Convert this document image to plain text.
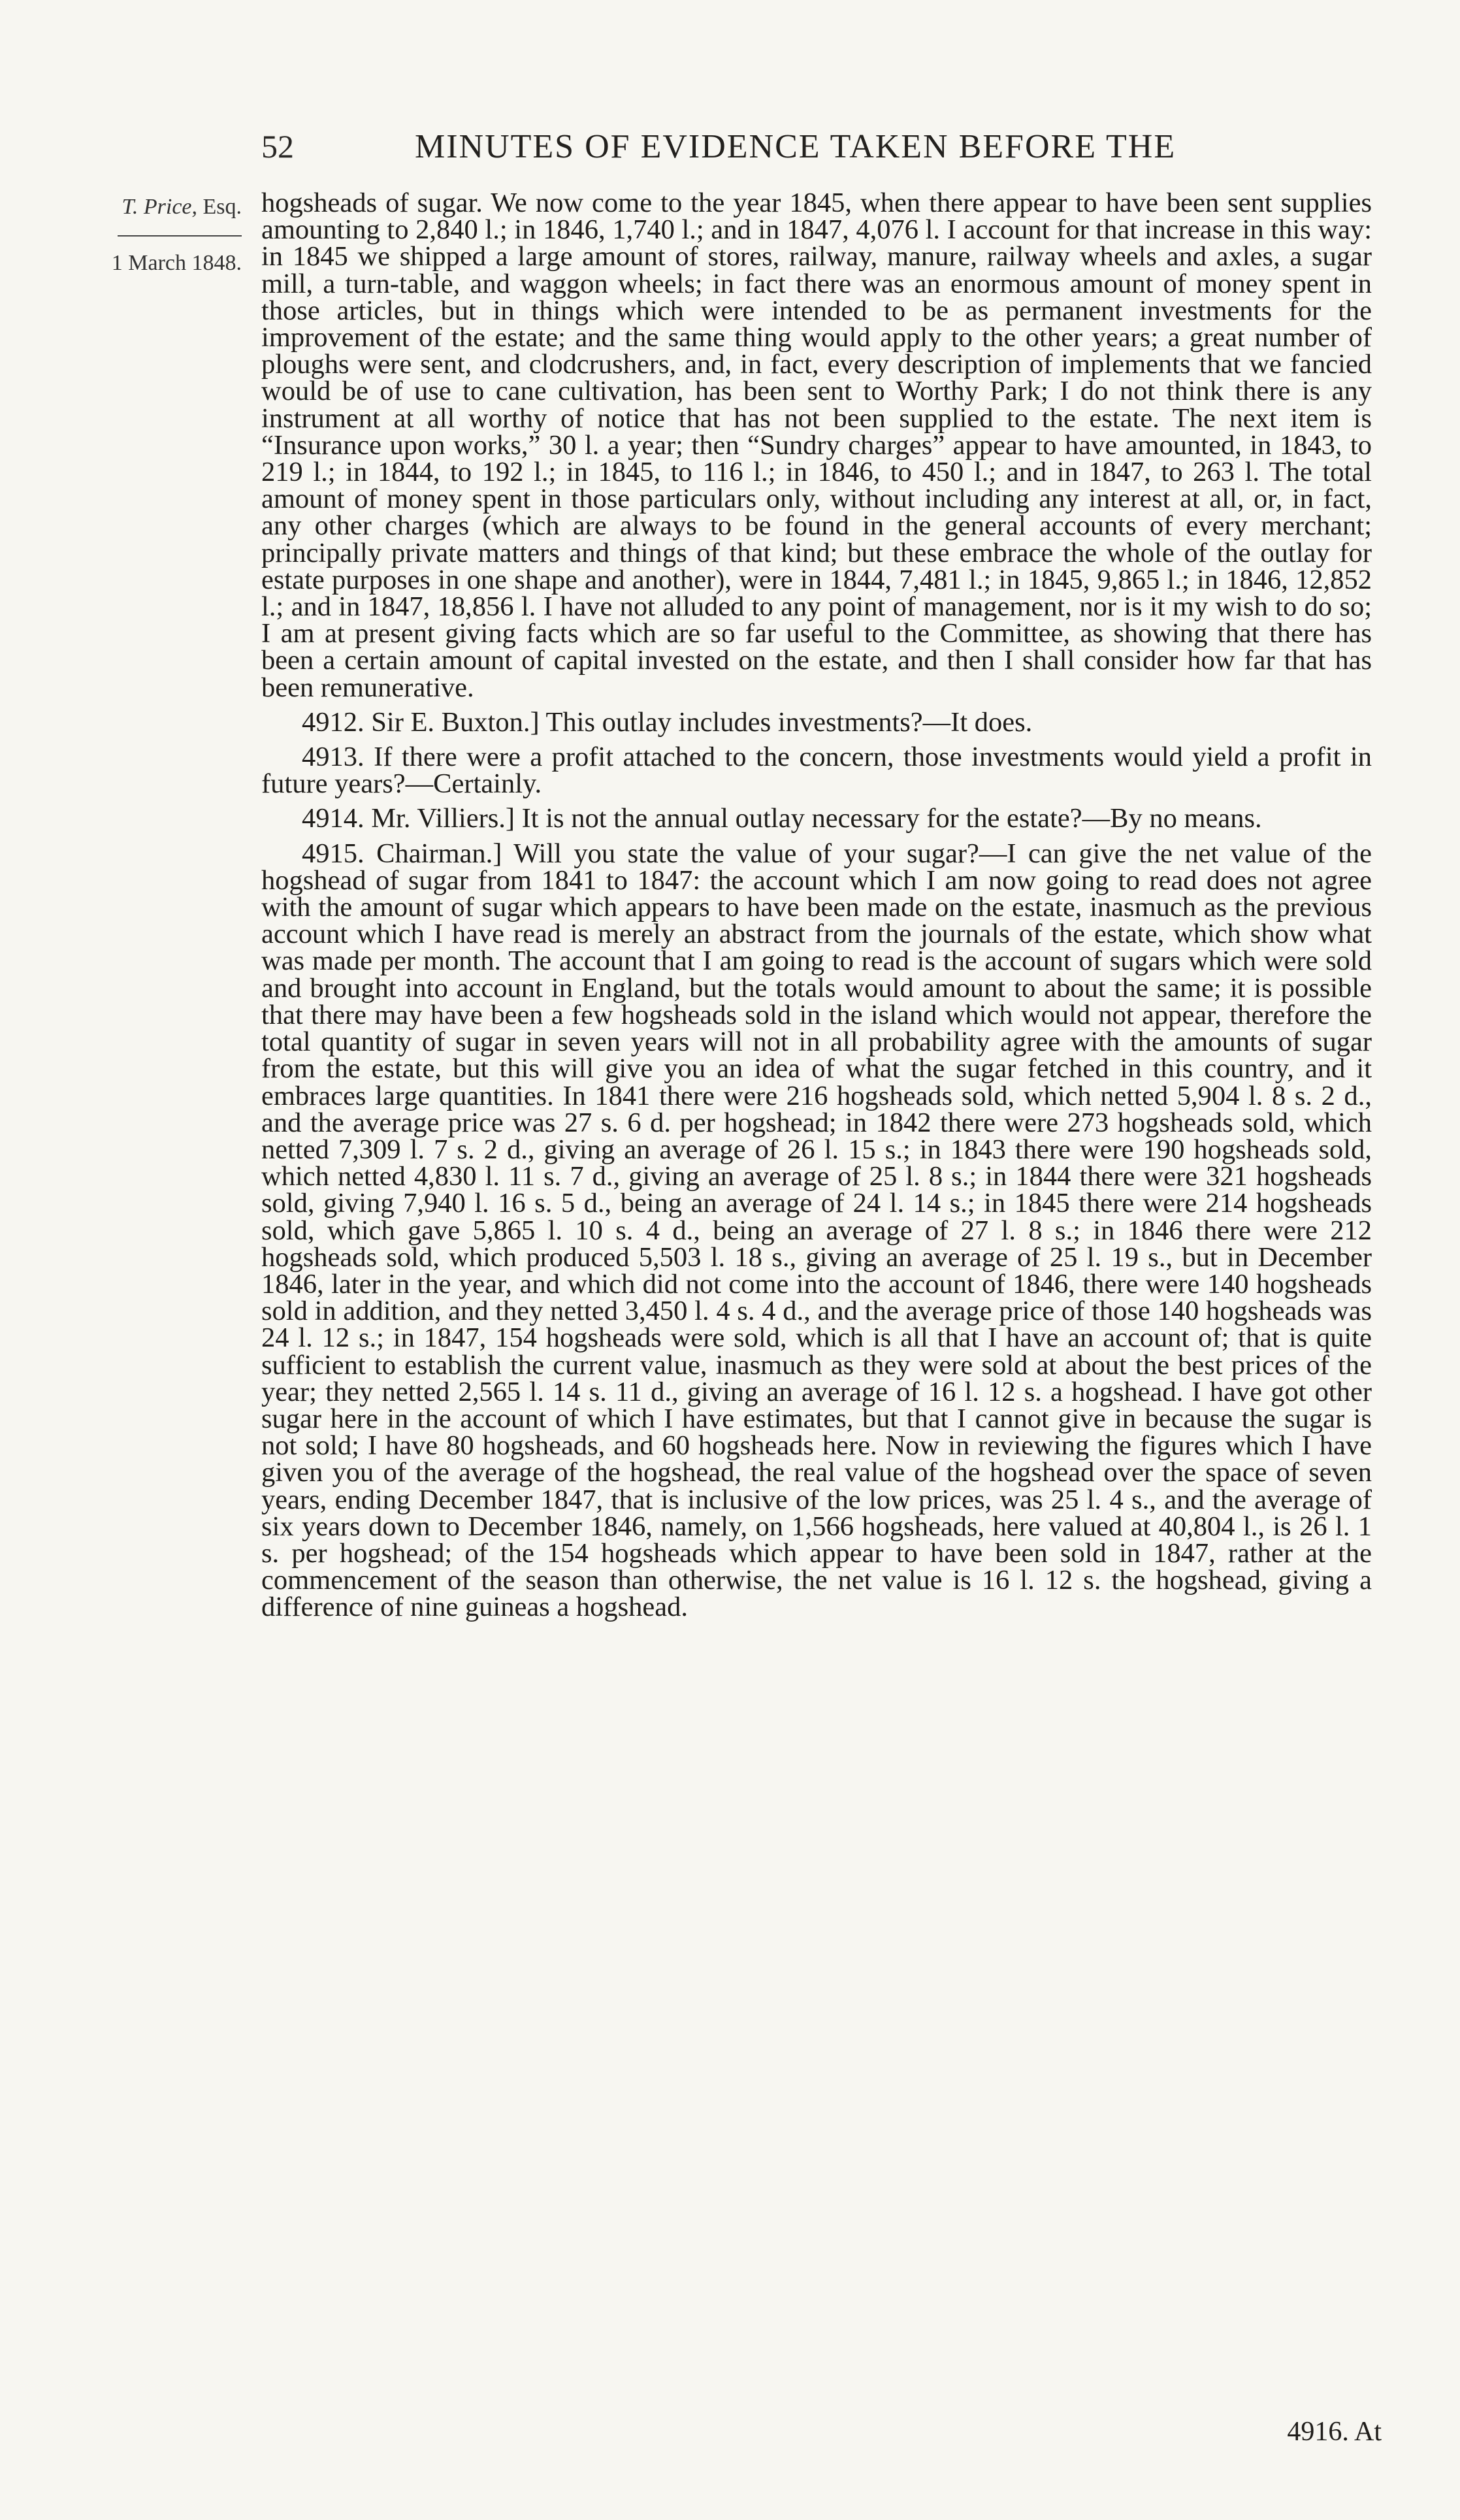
52	MINUTES OF EVIDENCE TAKEN BEFORE THE
T. Price, Esq.
1 March 1848.

hogsheads of sugar. We now come to the year 1845, when there appear to have been sent supplies amounting to 2,840 l.; in 1846, 1,740 l.; and in 1847, 4,076 l. I account for that increase in this way: in 1845 we shipped a large amount of stores, railway, manure, railway wheels and axles, a sugar mill, a turn-table, and waggon wheels; in fact there was an enormous amount of money spent in those articles, but in things which were intended to be as permanent investments for the improvement of the estate; and the same thing would apply to the other years; a great number of ploughs were sent, and clodcrushers, and, in fact, every description of implements that we fancied would be of use to cane cultivation, has been sent to Worthy Park; I do not think there is any instrument at all worthy of notice that has not been supplied to the estate. The next item is “Insurance upon works,” 30 l. a year; then “Sundry charges” appear to have amounted, in 1843, to 219 l.; in 1844, to 192 l.; in 1845, to 116 l.; in 1846, to 450 l.; and in 1847, to 263 l. The total amount of money spent in those particulars only, without including any interest at all, or, in fact, any other charges (which are always to be found in the general accounts of every merchant; principally private matters and things of that kind; but these embrace the whole of the outlay for estate purposes in one shape and another), were in 1844, 7,481 l.; in 1845, 9,865 l.; in 1846, 12,852 l.; and in 1847, 18,856 l. I have not alluded to any point of management, nor is it my wish to do so; I am at present giving facts which are so far useful to the Committee, as showing that there has been a certain amount of capital invested on the estate, and then I shall consider how far that has been remunerative.

4912. Sir E. Buxton.] This outlay includes investments?—It does.

4913. If there were a profit attached to the concern, those investments would yield a profit in future years?—Certainly.

4914. Mr. Villiers.] It is not the annual outlay necessary for the estate?—By no means.

4915. Chairman.] Will you state the value of your sugar?—I can give the net value of the hogshead of sugar from 1841 to 1847: the account which I am now going to read does not agree with the amount of sugar which appears to have been made on the estate, inasmuch as the previous account which I have read is merely an abstract from the journals of the estate, which show what was made per month. The account that I am going to read is the account of sugars which were sold and brought into account in England, but the totals would amount to about the same; it is possible that there may have been a few hogsheads sold in the island which would not appear, therefore the total quantity of sugar in seven years will not in all probability agree with the amounts of sugar from the estate, but this will give you an idea of what the sugar fetched in this country, and it embraces large quantities. In 1841 there were 216 hogsheads sold, which netted 5,904 l. 8 s. 2 d., and the average price was 27 s. 6 d. per hogshead; in 1842 there were 273 hogsheads sold, which netted 7,309 l. 7 s. 2 d., giving an average of 26 l. 15 s.; in 1843 there were 190 hogsheads sold, which netted 4,830 l. 11 s. 7 d., giving an average of 25 l. 8 s.; in 1844 there were 321 hogsheads sold, giving 7,940 l. 16 s. 5 d., being an average of 24 l. 14 s.; in 1845 there were 214 hogsheads sold, which gave 5,865 l. 10 s. 4 d., being an average of 27 l. 8 s.; in 1846 there were 212 hogsheads sold, which produced 5,503 l. 18 s., giving an average of 25 l. 19 s., but in December 1846, later in the year, and which did not come into the account of 1846, there were 140 hogsheads sold in addition, and they netted 3,450 l. 4 s. 4 d., and the average price of those 140 hogsheads was 24 l. 12 s.; in 1847, 154 hogsheads were sold, which is all that I have an account of; that is quite sufficient to establish the current value, inasmuch as they were sold at about the best prices of the year; they netted 2,565 l. 14 s. 11 d., giving an average of 16 l. 12 s. a hogshead. I have got other sugar here in the account of which I have estimates, but that I cannot give in because the sugar is not sold; I have 80 hogsheads, and 60 hogsheads here. Now in reviewing the figures which I have given you of the average of the hogshead, the real value of the hogshead over the space of seven years, ending December 1847, that is inclusive of the low prices, was 25 l. 4 s., and the average of six years down to December 1846, namely, on 1,566 hogsheads, here valued at 40,804 l., is 26 l. 1 s. per hogshead; of the 154 hogsheads which appear to have been sold in 1847, rather at the commencement of the season than otherwise, the net value is 16 l. 12 s. the hogshead, giving a difference of nine guineas a hogshead.

4916. At
